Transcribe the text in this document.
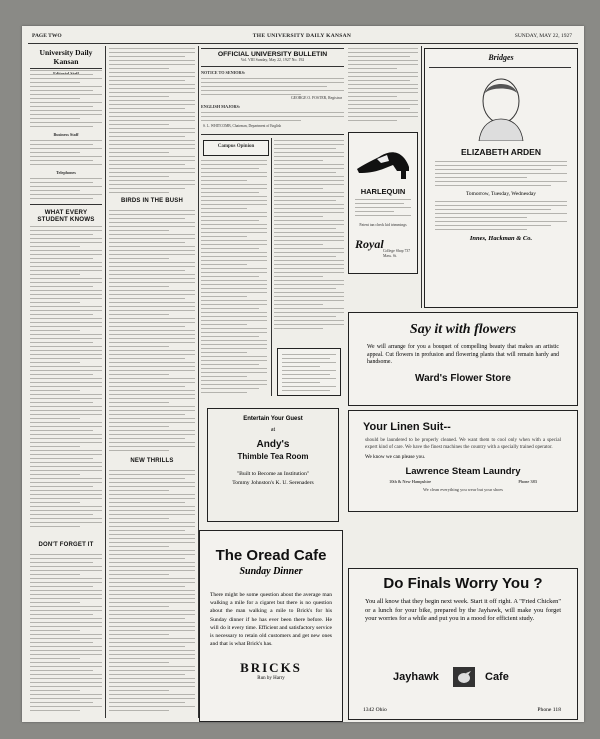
PAGE TWO	THE UNIVERSITY DAILY KANSAN	SUNDAY, MAY 22, 1927
University Daily Kansan
Business Staff
Telephones
WHAT EVERY STUDENT KNOWS
DON'T FORGET IT
BIRDS IN THE BUSH
NEW THRILLS
OFFICIAL UNIVERSITY BULLETIN
Vol. VIII Sunday, May 22, 1927 No. 192
NOTICE TO SENIORS:
GEORGE O. FOSTER, Registrar
ENGLISH MAJORS:
S. L. WHITCOMB, Chairman, Department of English
Campus Opinion
Entertain Your Guest
at
Andy's
Thimble Tea Room
"Built to Become an Institution"
Tommy Johnston's K. U. Serenaders
The Oread Cafe
Sunday Dinner
There might be some question about the average man walking a mile for a cigaret but there is no question about the man walking a mile to Brick's for his Sunday dinner if he has ever been there before. He will do it every time. Efficient and satisfactory service is necessary to retain old customers and get new ones and that is what Brick's has.
BRICKS
Run by Harry
HARLEQUIN
Patent tan check kid trimmings
Royal College Shop 737 Mass. St.
Bridges
ELIZABETH ARDEN
Tomorrow, Tuesday, Wednesday
Innes, Hackman & Co.
Say it with flowers
We will arrange for you a bouquet of compelling beauty that makes an artistic appeal. Cut flowers in profusion and flowering plants that will remain hardy and handsome.
Ward's Flower Store
Your Linen Suit--
should be laundered to be properly cleaned. We want them to cool only when with a special expert kind of care. We have the finest machines the country with a specially trained operator.
We know we can please you.
Lawrence Steam Laundry
10th & New Hampshire	Phone 383
We clean everything you wear but your shoes
Do Finals Worry You ?
You all know that they begin next week. Start it off right. A "Fried Chicken" or a lunch for your bike, prepared by the Jayhawk, will make you forget your worries for a while and put you in a mood for efficient study.
Jayhawk	Cafe
1342 Ohio	Phone 118
